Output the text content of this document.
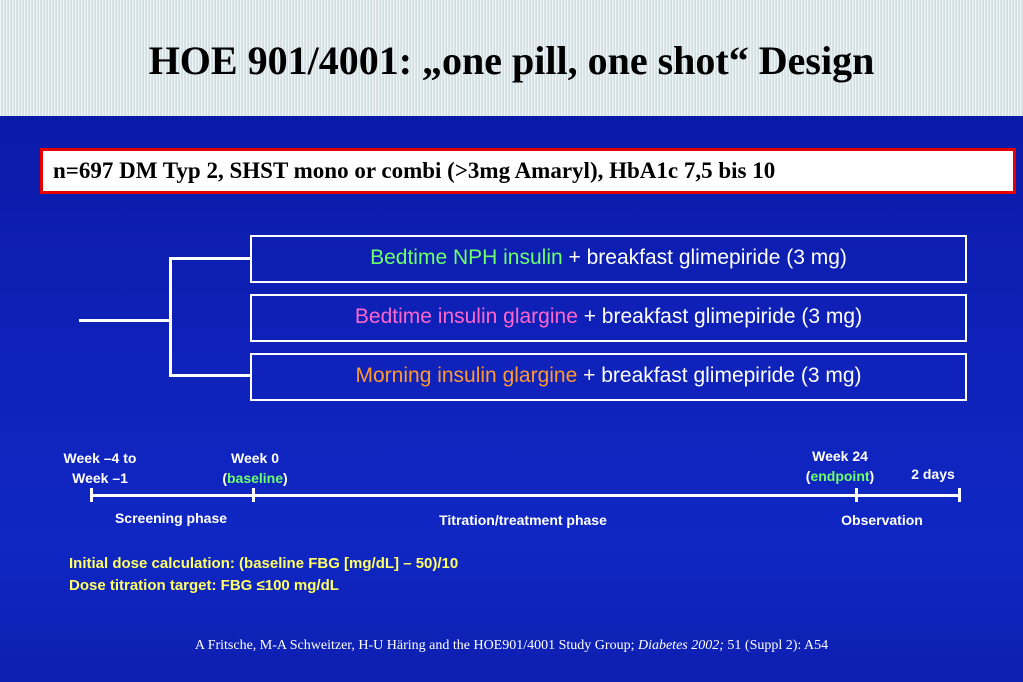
HOE 901/4001: „one pill, one shot“ Design
n=697 DM Typ 2, SHST mono or combi (>3mg Amaryl), HbA1c 7,5 bis 10
Bedtime NPH insulin + breakfast glimepiride (3 mg)
Bedtime insulin glargine + breakfast glimepiride (3 mg)
Morning insulin glargine + breakfast glimepiride (3 mg)
Week –4 to
Week –1
Week 0
(baseline)
Week 24
(endpoint)	2 days
Screening phase	Titration/treatment phase	Observation
Initial dose calculation: (baseline FBG [mg/dL] – 50)/10
Dose titration target: FBG ≤100 mg/dL
A Fritsche, M-A Schweitzer, H-U Häring and the HOE901/4001 Study Group; Diabetes 2002; 51 (Suppl 2): A54
